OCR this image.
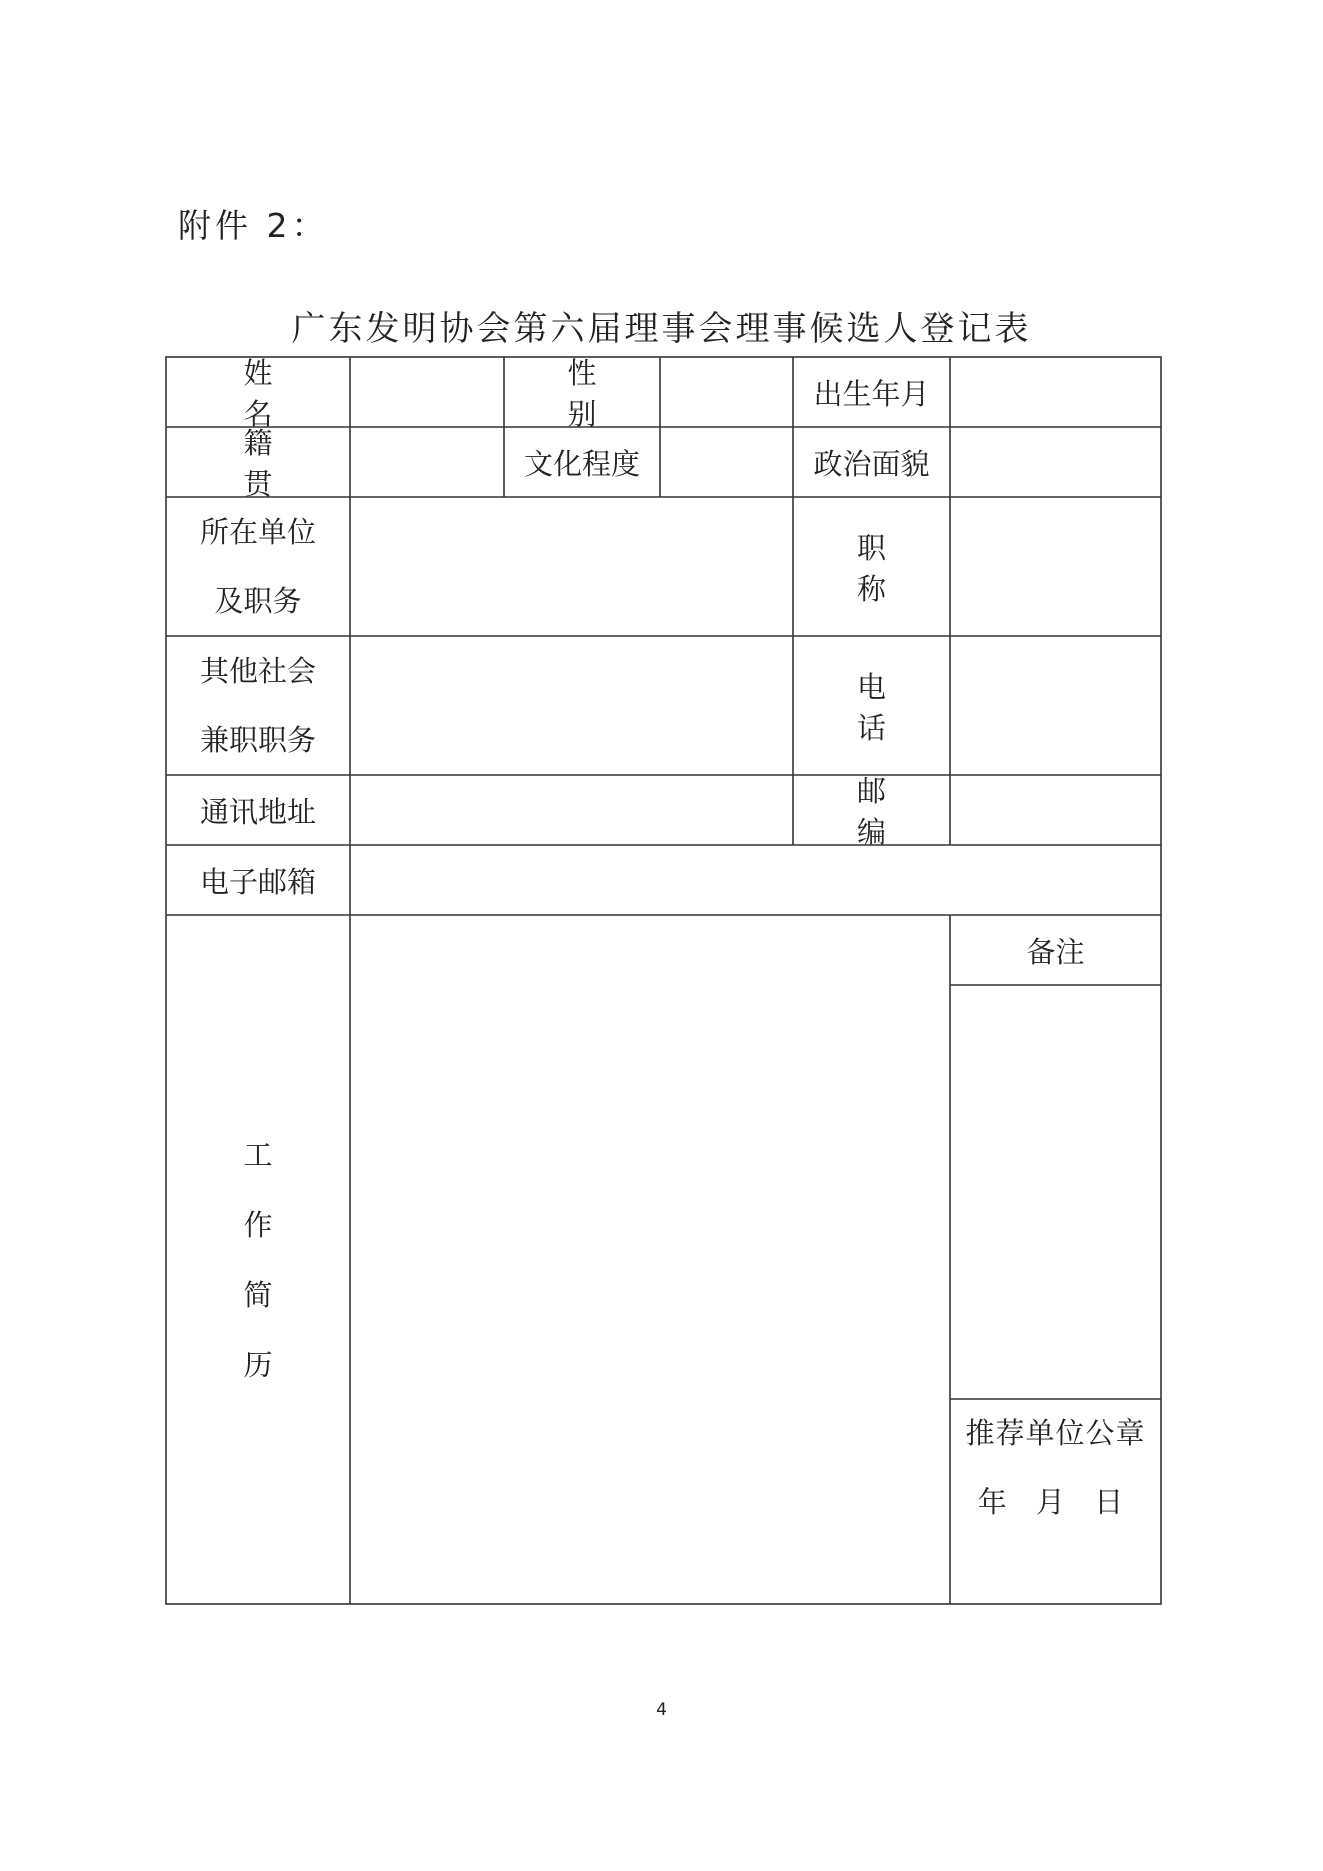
附件 2：
广东发明协会第六届理事会理事候选人登记表
姓 名
性 别
出生年月
籍 贯
文化程度	政治面貌
所在单位
及职务
职 称
其他社会
兼职职务
电 话
通讯地址
邮 编
电子邮箱
工
作
简
历
备注
推荐单位公章
年 月 日
4
